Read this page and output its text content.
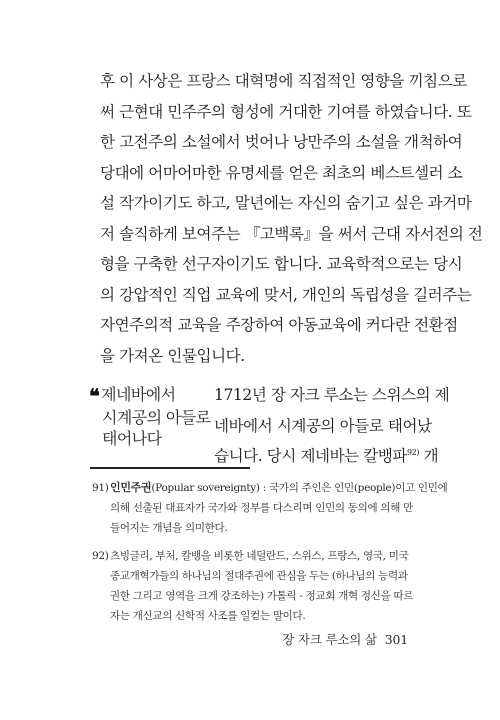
후 이 사상은 프랑스 대혁명에 직접적인 영향을 끼침으로
써 근현대 민주주의 형성에 거대한 기여를 하였습니다. 또
한 고전주의 소설에서 벗어나 낭만주의 소설을 개척하여
당대에 어마어마한 유명세를 얻은 최초의 베스트셀러 소
설 작가이기도 하고, 말년에는 자신의 숨기고 싶은 과거마
저 솔직하게 보여주는 『고백록』을 써서 근대 자서전의 전
형을 구축한 선구자이기도 합니다. 교육학적으로는 당시
의 강압적인 직업 교육에 맞서, 개인의 독립성을 길러주는
자연주의적 교육을 주장하여 아동교육에 커다란 전환점
을 가져온 인물입니다.
❝ 제네바에서
시계공의 아들로
태어나다
1712년 장 자크 루소는 스위스의 제
네바에서 시계공의 아들로 태어났
습니다. 당시 제네바는 칼뱅파$^{92)}$ 개
91) 인민주권(Popular sovereignty) : 국가의 주인은 인민(people)이고 인민에
의해 선출된 대표자가 국가와 정부를 다스리며 인민의 동의에 의해 만
들어지는 개념을 의미한다.
92) 츠빙글리, 부처, 칼뱅을 비롯한 네덜란드, 스위스, 프랑스, 영국, 미국
종교개혁가들의 하나님의 절대주권에 관심을 두는 (하나님의 능력과
권한 그리고 영역을 크게 강조하는) 가톨릭 - 정교회 개혁 정신을 따르
자는 개신교의 신학적 사조를 일컫는 말이다.
장 자크 루소의 삶 301
